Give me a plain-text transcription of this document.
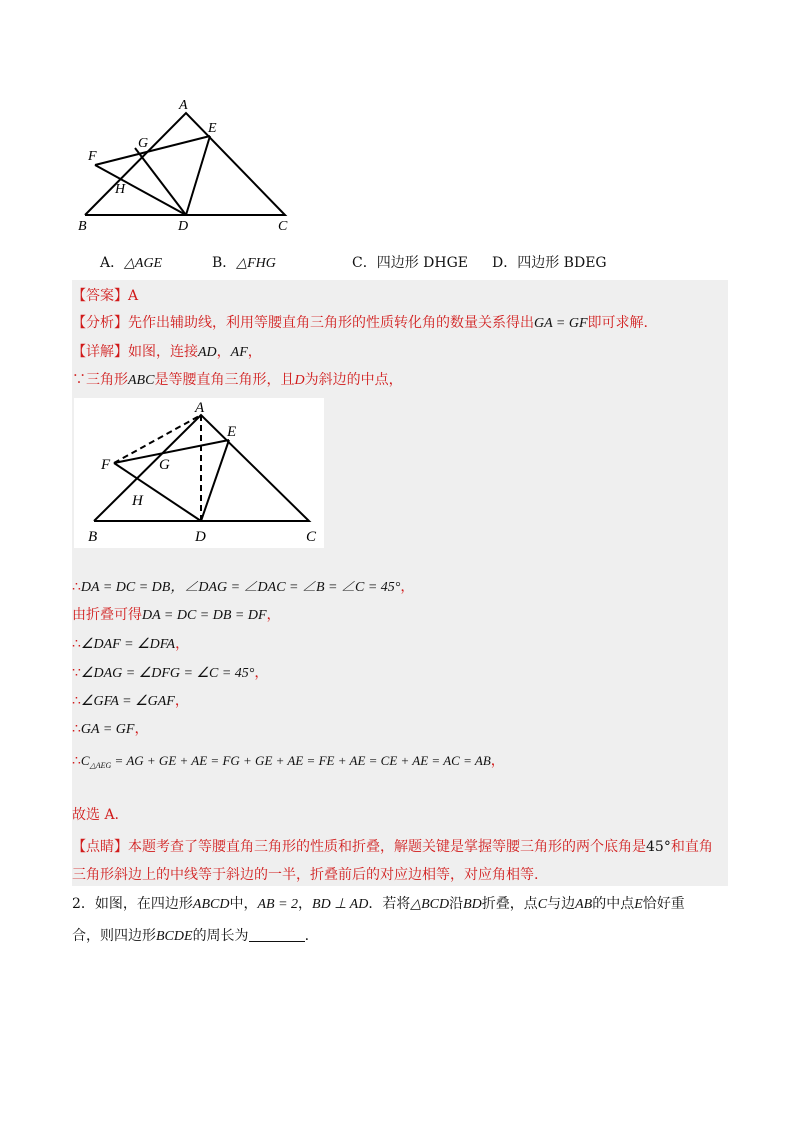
A
B	C
D
E
F
G
H
A．△AGE	B．△FHG	C．四边形 DHGE D．四边形 BDEG
【答案】A
【分析】先作出辅助线，利用等腰直角三角形的性质转化角的数量关系得出GA = GF即可求解.
【详解】如图，连接AD，AF，
∵三角形ABC是等腰直角三角形，且D为斜边的中点，
A
B	C
D
E
F	G
H
∴DA = DC = DB，∠DAG = ∠DAC = ∠B = ∠C = 45°，
由折叠可得DA = DC = DB = DF，
∴∠DAF = ∠DFA，
∵∠DAG = ∠DFG = ∠C = 45°，
∴∠GFA = ∠GAF，
∴GA = GF，
$\therefore C_{\triangle AEG}$ = AG + GE + AE = FG + GE + AE = FE + AE = CE + AE = AC = AB，
故选 A.
【点睛】本题考查了等腰直角三角形的性质和折叠，解题关键是掌握等腰三角形的两个底角是45°和直角
三角形斜边上的中线等于斜边的一半，折叠前后的对应边相等，对应角相等.
2．如图，在四边形ABCD中，AB = 2，BD ⊥ AD．若将△BCD沿BD折叠，点C与边AB的中点E恰好重
合，则四边形BCDE的周长为	.
